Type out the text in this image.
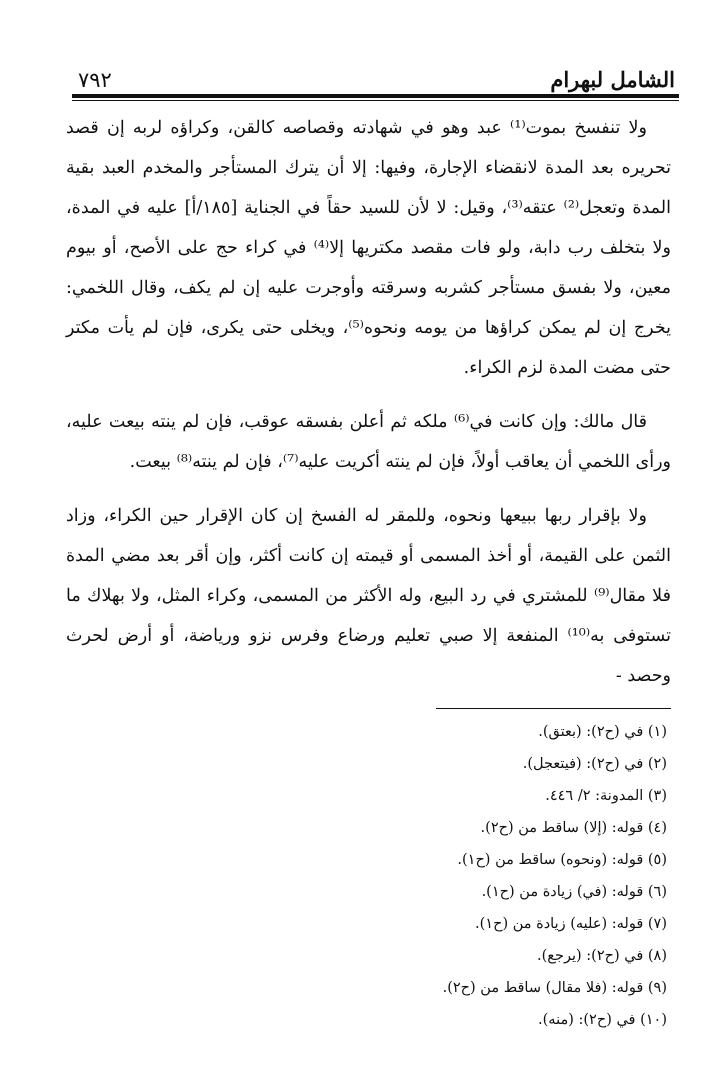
٧٩٢	الشامل لبهرام

ولا تنفسخ بموت⁽¹⁾ عبد وهو في شهادته وقصاصه كالقن، وكراؤه لربه إن قصد تحريره بعد المدة لانقضاء الإجارة، وفيها: إلا أن يترك المستأجر والمخدم العبد بقية المدة وتعجل⁽²⁾ عتقه⁽³⁾، وقيل: لا لأن للسيد حقاً في الجناية [١٨٥/أ] عليه في المدة، ولا بتخلف رب دابة، ولو فات مقصد مكتريها إلا⁽⁴⁾ في كراء حج على الأصح، أو بيوم معين، ولا بفسق مستأجر كشربه وسرقته وأوجرت عليه إن لم يكف، وقال اللخمي: يخرج إن لم يمكن كراؤها من يومه ونحوه⁽⁵⁾، ويخلى حتى يكرى، فإن لم يأت مكتر حتى مضت المدة لزم الكراء.

قال مالك: وإن كانت في⁽⁶⁾ ملكه ثم أعلن بفسقه عوقب، فإن لم ينته بيعت عليه، ورأى اللخمي أن يعاقب أولاً، فإن لم ينته أكريت عليه⁽⁷⁾، فإن لم ينته⁽⁸⁾ بيعت.

ولا بإقرار ربها ببيعها ونحوه، وللمقر له الفسخ إن كان الإقرار حين الكراء، وزاد الثمن على القيمة، أو أخذ المسمى أو قيمته إن كانت أكثر، وإن أقر بعد مضي المدة فلا مقال⁽⁹⁾ للمشتري في رد البيع، وله الأكثر من المسمى، وكراء المثل، ولا بهلاك ما تستوفى به⁽¹⁰⁾ المنفعة إلا صبي تعليم ورضاع وفرس نزو ورياضة، أو أرض لحرث وحصد -

(١) في (ح٢): (بعتق).
(٢) في (ح٢): (فيتعجل).
(٣) المدونة: ٢/ ٤٤٦.
(٤) قوله: (إلا) ساقط من (ح٢).
(٥) قوله: (ونحوه) ساقط من (ح١).
(٦) قوله: (في) زيادة من (ح١).
(٧) قوله: (عليه) زيادة من (ح١).
(٨) في (ح٢): (يرجع).
(٩) قوله: (فلا مقال) ساقط من (ح٢).
(١٠) في (ح٢): (منه).
